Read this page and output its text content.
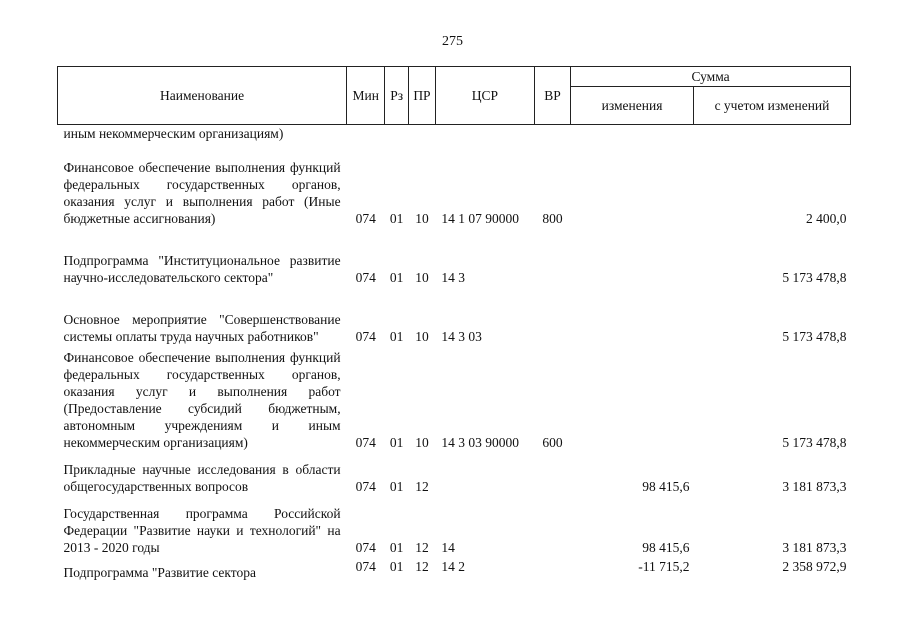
275
Наименование	Мин	Рз	ПР	ЦСР	ВР	Сумма	
						изменения	с учетом изменений
иным некоммерческим организациям)							
Финансовое обеспечение выполнения функций федеральных государственных органов, оказания услуг и выполнения работ (Иные бюджетные ассигнования)	074	01	10	14 1 07 90000	800		2 400,0
Подпрограмма "Институциональное развитие научно-исследовательского сектора"	074	01	10	14 3			5 173 478,8
Основное мероприятие "Совершенствование системы оплаты труда научных работников"	074	01	10	14 3 03			5 173 478,8
Финансовое обеспечение выполнения функций федеральных государственных органов, оказания услуг и выполнения работ (Предоставление субсидий бюджетным, автономным учреждениям и иным некоммерческим организациям)	074	01	10	14 3 03 90000	600		5 173 478,8
Прикладные научные исследования в области общегосударственных вопросов	074	01	12			98 415,6	3 181 873,3
Государственная программа Российской Федерации "Развитие науки и технологий" на 2013 - 2020 годы	074	01	12	14		98 415,6	3 181 873,3
Подпрограмма "Развитие сектора	074	01	12	14 2		-11 715,2	2 358 972,9
